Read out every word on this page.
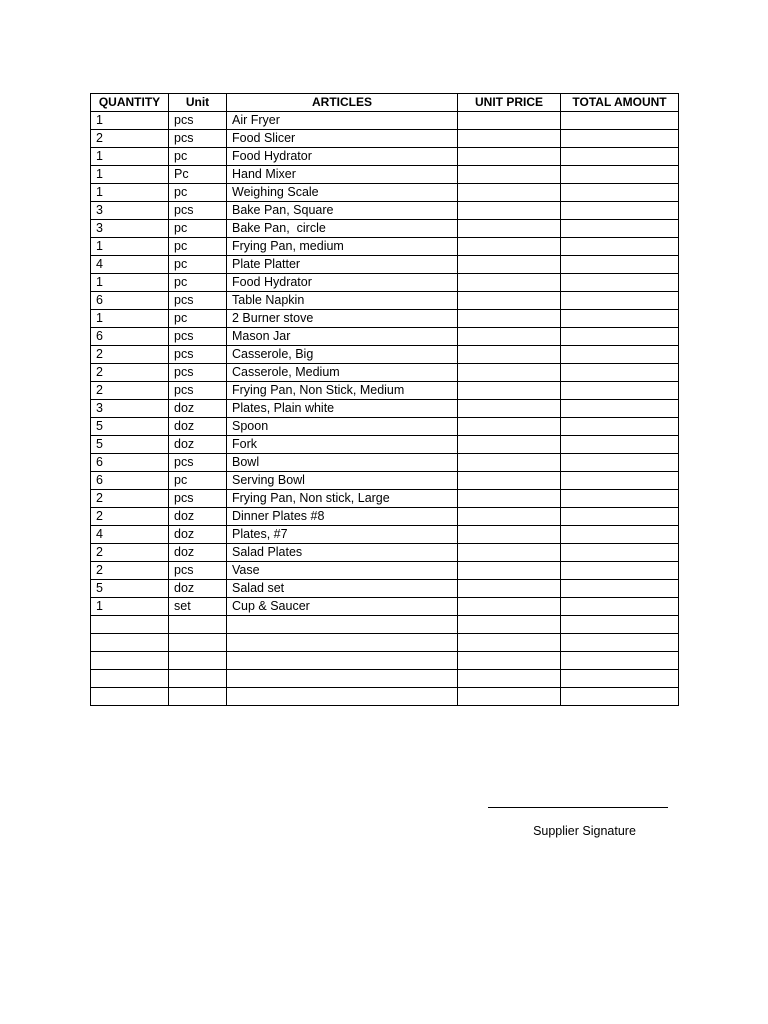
QUANTITY	Unit	ARTICLES	UNIT PRICE	TOTAL AMOUNT
1	pcs	Air Fryer		
2	pcs	Food Slicer		
1	pc	Food Hydrator		
1	Pc	Hand Mixer		
1	pc	Weighing Scale		
3	pcs	Bake Pan, Square		
3	pc	Bake Pan,  circle		
1	pc	Frying Pan, medium		
4	pc	Plate Platter		
1	pc	Food Hydrator		
6	pcs	Table Napkin		
1	pc	2 Burner stove		
6	pcs	Mason Jar		
2	pcs	Casserole, Big		
2	pcs	Casserole, Medium		
2	pcs	Frying Pan, Non Stick, Medium		
3	doz	Plates, Plain white		
5	doz	Spoon		
5	doz	Fork		
6	pcs	Bowl		
6	pc	Serving Bowl		
2	pcs	Frying Pan, Non stick, Large		
2	doz	Dinner Plates #8		
4	doz	Plates, #7		
2	doz	Salad Plates		
2	pcs	Vase		
5	doz	Salad set		
1	set	Cup & Saucer		

Supplier Signature
